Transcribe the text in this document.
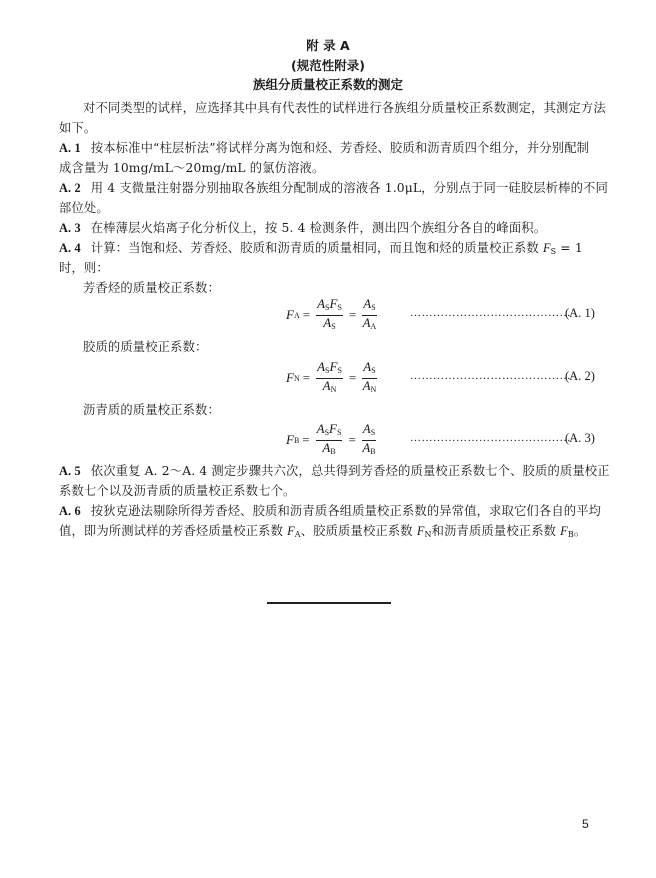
附 录 A
(规范性附录)
族组分质量校正系数的测定
对不同类型的试样，应选择其中具有代表性的试样进行各族组分质量校正系数测定，其测定方法
如下。
A. 1 按本标准中“柱层析法”将试样分离为饱和烃、芳香烃、胶质和沥青质四个组分，并分别配制
成含量为 10mg/mL～20mg/mL 的氯仿溶液。
A. 2 用 4 支微量注射器分别抽取各族组分配制成的溶液各 1.0μL，分别点于同一硅胶层析棒的不同
部位处。
A. 3 在棒薄层火焰离子化分析仪上，按 5. 4 检测条件，测出四个族组分各自的峰面积。
A. 4 计算：当饱和烃、芳香烃、胶质和沥青质的质量相同，而且饱和烃的质量校正系数 $F_S = 1$
时，则：
芳香烃的质量校正系数：
F $A = \frac{A_SF_S}{A_S} = \frac{A_S}{A_A}$	……………………………………
(A. 1)
胶质的质量校正系数：
F $N = \frac{A_SF_S}{A_N} = \frac{A_S}{A_N}$	……………………………………
(A. 2)
沥青质的质量校正系数：
F $B = \frac{A_SF_S}{A_B} = \frac{A_S}{A_B}$	……………………………………
(A. 3)
A. 5 依次重复 A. 2～A. 4 测定步骤共六次，总共得到芳香烃的质量校正系数七个、胶质的质量校正
系数七个以及沥青质的质量校正系数七个。
A. 6 按狄克逊法剔除所得芳香烃、胶质和沥青质各组质量校正系数的异常值，求取它们各自的平均
值，即为所测试样的芳香烃质量校正系数 $F_A$、胶质质量校正系数 $F_N$和沥青质质量校正系数 $F_B$。
5
